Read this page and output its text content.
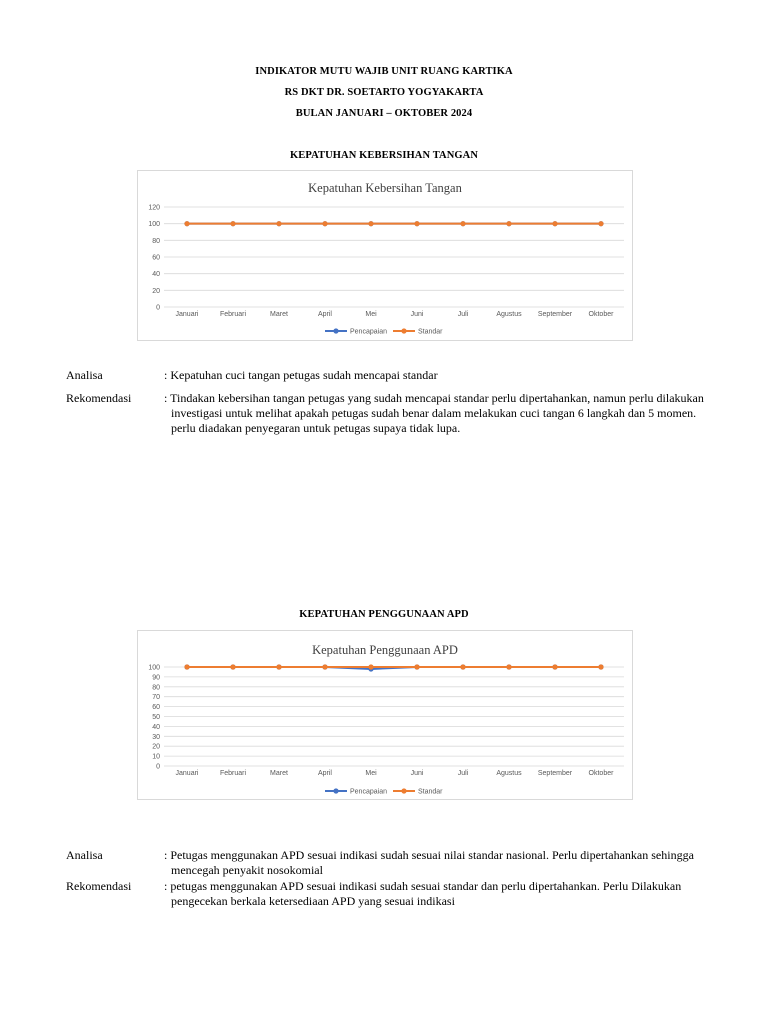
INDIKATOR MUTU WAJIB UNIT RUANG KARTIKA
RS DKT DR. SOETARTO YOGYAKARTA
BULAN JANUARI – OKTOBER 2024
KEPATUHAN KEBERSIHAN TANGAN
Kepatuhan Kebersihan Tangan
0
20
40
60
80
100
120
Januari	Februari	Maret	April	Mei	Juni	Juli	Agustus September Oktober
Pencapaian	Standar
Analisa	: Kepatuhan cuci tangan petugas sudah mencapai standar
Rekomendasi	: Tindakan kebersihan tangan petugas yang sudah mencapai standar perlu dipertahankan, namun perlu dilakukan investigasi untuk melihat apakah petugas sudah benar dalam melakukan cuci tangan 6 langkah dan 5 momen. perlu diadakan penyegaran untuk petugas supaya tidak lupa.
KEPATUHAN PENGGUNAAN APD
Kepatuhan Penggunaan APD
0
10
20
30
40
50
60
70
80
90
100
Januari	Februari	Maret	April	Mei	Juni	Juli	Agustus September Oktober
Pencapaian	Standar
Analisa	: Petugas menggunakan APD sesuai indikasi sudah sesuai nilai standar nasional. Perlu dipertahankan sehingga mencegah penyakit nosokomial
Rekomendasi	: petugas menggunakan APD sesuai indikasi sudah sesuai standar dan perlu dipertahankan. Perlu Dilakukan pengecekan berkala ketersediaan APD yang sesuai indikasi
